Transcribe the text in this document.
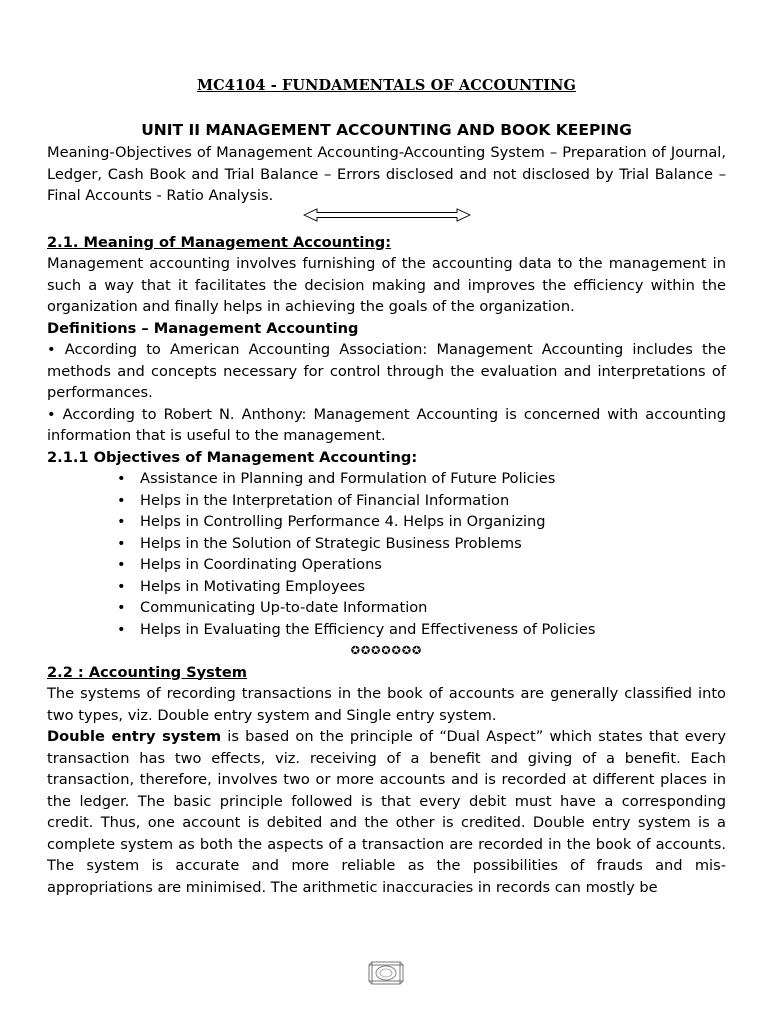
MC4104 - FUNDAMENTALS OF ACCOUNTING
UNIT II MANAGEMENT ACCOUNTING AND BOOK KEEPING

Meaning-Objectives of Management Accounting-Accounting System – Preparation of Journal, Ledger, Cash Book and Trial Balance – Errors disclosed and not disclosed by Trial Balance –Final Accounts - Ratio Analysis.

2.1. Meaning of Management Accounting:

Management accounting involves furnishing of the accounting data to the management in such a way that it facilitates the decision making and improves the efficiency within the organization and finally helps in achieving the goals of the organization.

Definitions – Management Accounting

• According to American Accounting Association: Management Accounting includes the methods and concepts necessary for control through the evaluation and interpretations of performances.

• According to Robert N. Anthony: Management Accounting is concerned with accounting information that is useful to the management.

2.1.1 Objectives of Management Accounting:

• Assistance in Planning and Formulation of Future Policies
• Helps in the Interpretation of Financial Information
• Helps in Controlling Performance 4. Helps in Organizing
• Helps in the Solution of Strategic Business Problems
• Helps in Coordinating Operations
• Helps in Motivating Employees
• Communicating Up-to-date Information
• Helps in Evaluating the Efficiency and Effectiveness of Policies
✪✪✪✪✪✪✪

2.2 : Accounting System

The systems of recording transactions in the book of accounts are generally classified into two types, viz. Double entry system and Single entry system.

Double entry system is based on the principle of “Dual Aspect” which states that every transaction has two effects, viz. receiving of a benefit and giving of a benefit. Each transaction, therefore, involves two or more accounts and is recorded at different places in the ledger. The basic principle followed is that every debit must have a corresponding credit. Thus, one account is debited and the other is credited. Double entry system is a complete system as both the aspects of a transaction are recorded in the book of accounts. The system is accurate and more reliable as the possibilities of frauds and mis-appropriations are minimised. The arithmetic inaccuracies in records can mostly be
